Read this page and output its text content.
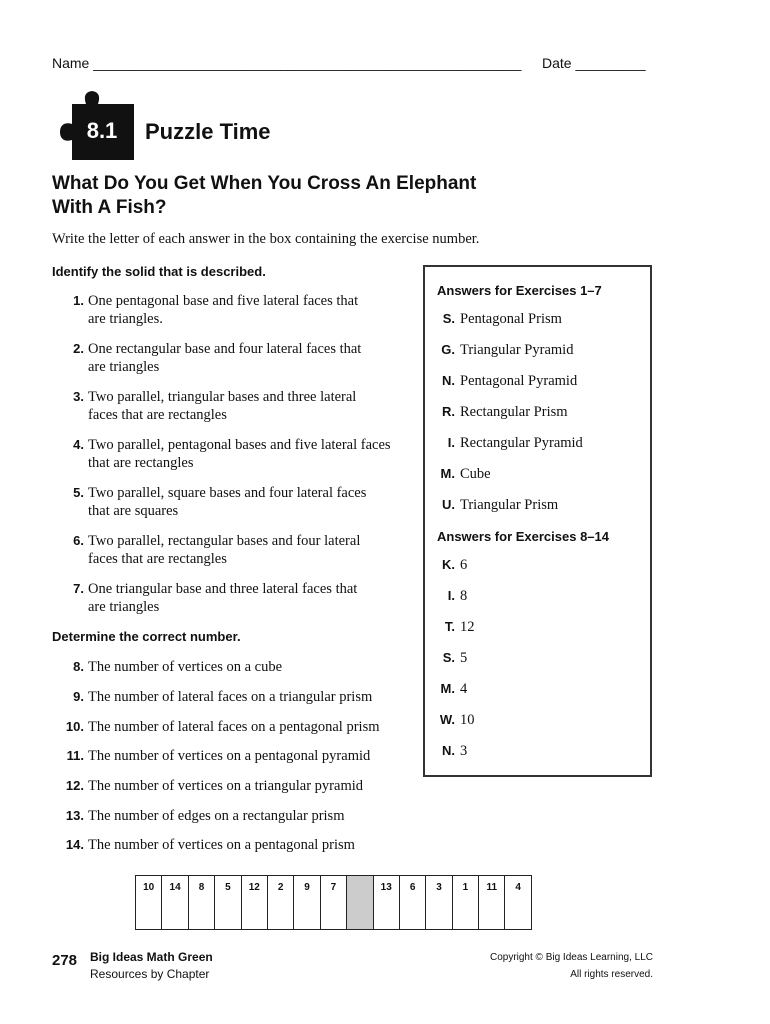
Name _______________________________________________________ Date _________
8.1	Puzzle Time
What Do You Get When You Cross An Elephant
With A Fish?
Write the letter of each answer in the box containing the exercise number.
Identify the solid that is described.
1. One pentagonal base and five lateral faces that
are triangles.
2. One rectangular base and four lateral faces that
are triangles
3. Two parallel, triangular bases and three lateral
faces that are rectangles
4. Two parallel, pentagonal bases and five lateral faces
that are rectangles
5. Two parallel, square bases and four lateral faces
that are squares
6. Two parallel, rectangular bases and four lateral
faces that are rectangles
7. One triangular base and three lateral faces that
are triangles
Determine the correct number.
8. The number of vertices on a cube
9. The number of lateral faces on a triangular prism
10. The number of lateral faces on a pentagonal prism
11. The number of vertices on a pentagonal pyramid
12. The number of vertices on a triangular pyramid
13. The number of edges on a rectangular prism
14. The number of vertices on a pentagonal prism
Answers for Exercises 1–7
S. Pentagonal Prism
G. Triangular Pyramid
N. Pentagonal Pyramid
R. Rectangular Prism
I. Rectangular Pyramid
M. Cube
U. Triangular Prism
Answers for Exercises 8–14
K. 6
I. 8
T. 12
S. 5
M. 4
W. 10
N. 3
10	14	8	5	12	2	9	7		13	6	3	1	11	4
278 Big Ideas Math Green
Resources by Chapter
Copyright © Big Ideas Learning, LLC
All rights reserved.
